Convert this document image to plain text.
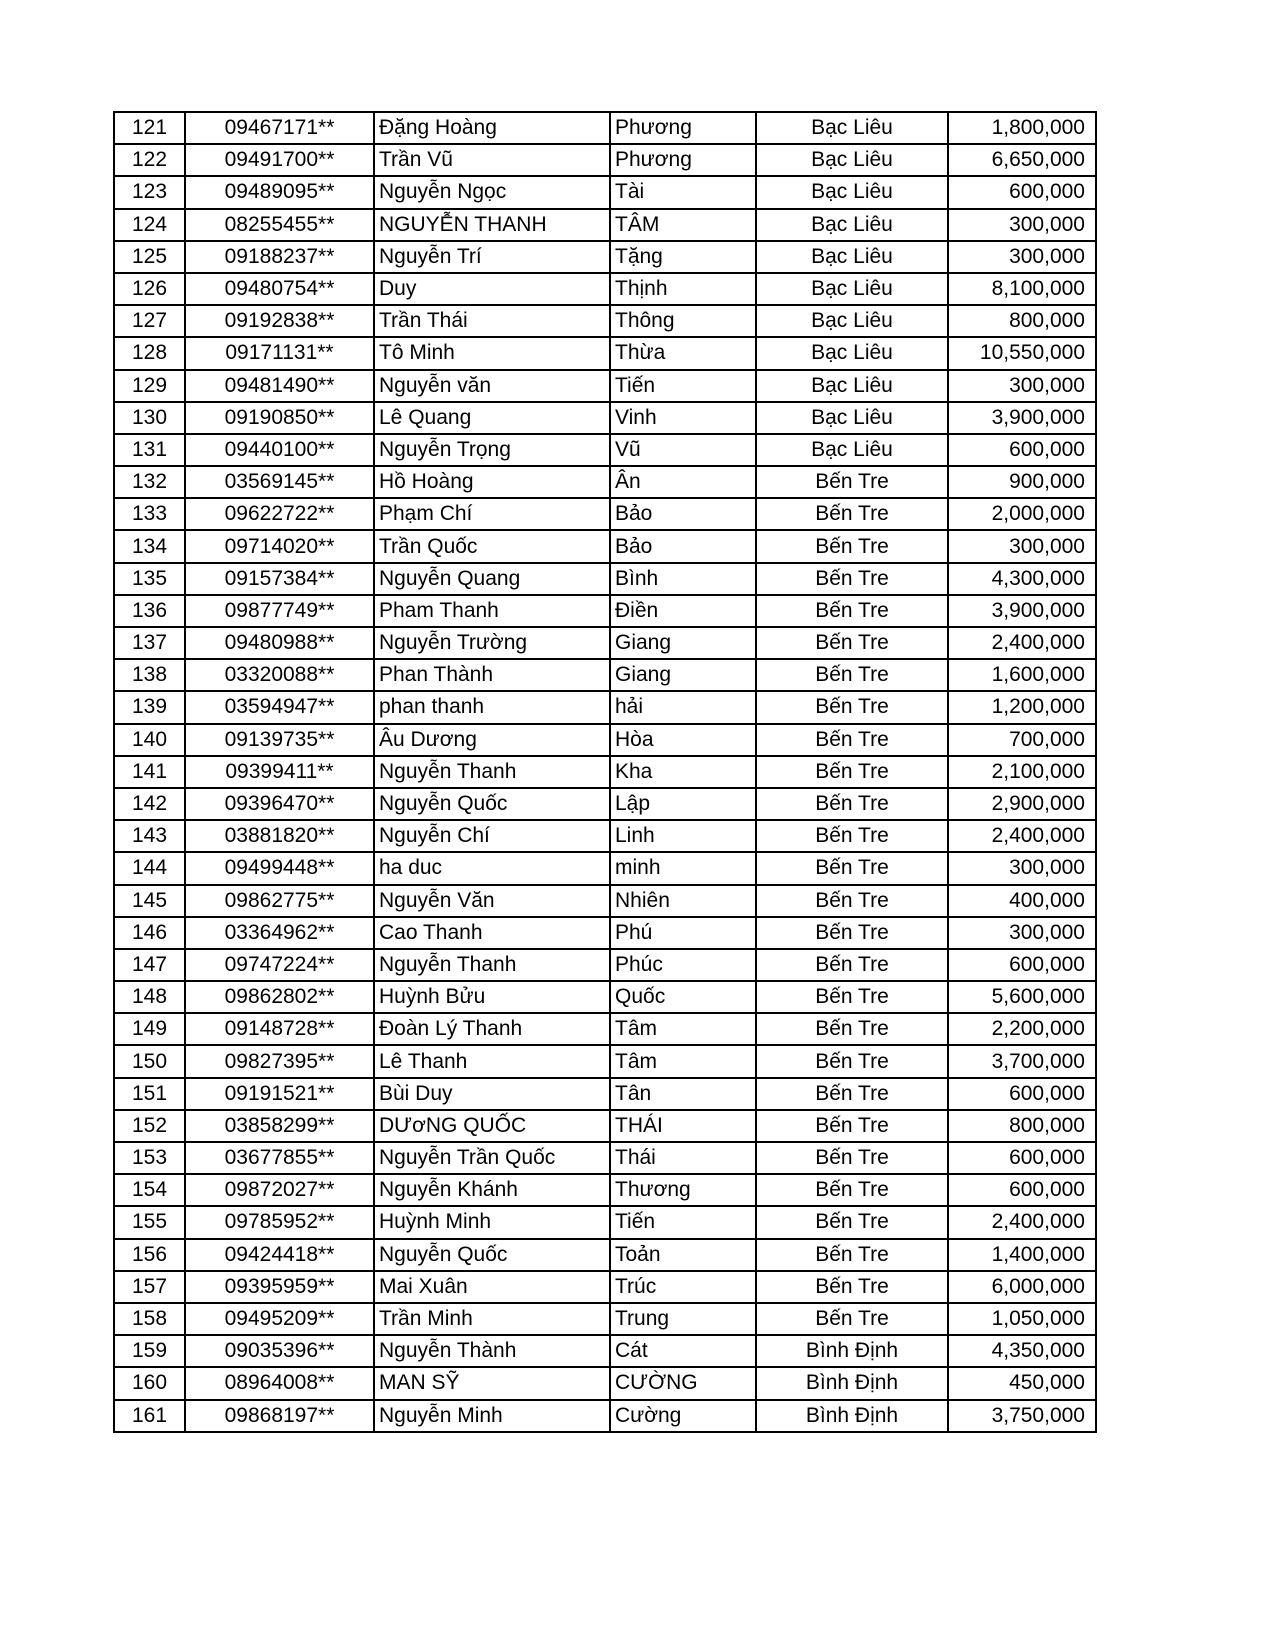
121	09467171**	Đặng Hoàng	Phương	Bạc Liêu	1,800,000
122	09491700**	Trần Vũ	Phương	Bạc Liêu	6,650,000
123	09489095**	Nguyễn Ngọc	Tài	Bạc Liêu	600,000
124	08255455**	NGUYỄN THANH	TÂM	Bạc Liêu	300,000
125	09188237**	Nguyễn Trí	Tặng	Bạc Liêu	300,000
126	09480754**	Duy	Thịnh	Bạc Liêu	8,100,000
127	09192838**	Trần Thái	Thông	Bạc Liêu	800,000
128	09171131**	Tô Minh	Thừa	Bạc Liêu	10,550,000
129	09481490**	Nguyễn văn	Tiến	Bạc Liêu	300,000
130	09190850**	Lê Quang	Vinh	Bạc Liêu	3,900,000
131	09440100**	Nguyễn Trọng	Vũ	Bạc Liêu	600,000
132	03569145**	Hồ Hoàng	Ân	Bến Tre	900,000
133	09622722**	Phạm Chí	Bảo	Bến Tre	2,000,000
134	09714020**	Trần Quốc	Bảo	Bến Tre	300,000
135	09157384**	Nguyễn Quang	Bình	Bến Tre	4,300,000
136	09877749**	Pham Thanh	Điền	Bến Tre	3,900,000
137	09480988**	Nguyễn Trường	Giang	Bến Tre	2,400,000
138	03320088**	Phan Thành	Giang	Bến Tre	1,600,000
139	03594947**	phan thanh	hải	Bến Tre	1,200,000
140	09139735**	Âu Dương	Hòa	Bến Tre	700,000
141	09399411**	Nguyễn Thanh	Kha	Bến Tre	2,100,000
142	09396470**	Nguyễn Quốc	Lập	Bến Tre	2,900,000
143	03881820**	Nguyễn Chí	Linh	Bến Tre	2,400,000
144	09499448**	ha duc	minh	Bến Tre	300,000
145	09862775**	Nguyễn Văn	Nhiên	Bến Tre	400,000
146	03364962**	Cao Thanh	Phú	Bến Tre	300,000
147	09747224**	Nguyễn Thanh	Phúc	Bến Tre	600,000
148	09862802**	Huỳnh Bửu	Quốc	Bến Tre	5,600,000
149	09148728**	Đoàn Lý Thanh	Tâm	Bến Tre	2,200,000
150	09827395**	Lê Thanh	Tâm	Bến Tre	3,700,000
151	09191521**	Bùi Duy	Tân	Bến Tre	600,000
152	03858299**	DƯơNG QUỐC	THÁI	Bến Tre	800,000
153	03677855**	Nguyễn Trần Quốc	Thái	Bến Tre	600,000
154	09872027**	Nguyễn Khánh	Thương	Bến Tre	600,000
155	09785952**	Huỳnh Minh	Tiến	Bến Tre	2,400,000
156	09424418**	Nguyễn Quốc	Toản	Bến Tre	1,400,000
157	09395959**	Mai Xuân	Trúc	Bến Tre	6,000,000
158	09495209**	Trần Minh	Trung	Bến Tre	1,050,000
159	09035396**	Nguyễn Thành	Cát	Bình Định	4,350,000
160	08964008**	MAN SỸ	CƯỜNG	Bình Định	450,000
161	09868197**	Nguyễn Minh	Cường	Bình Định	3,750,000
